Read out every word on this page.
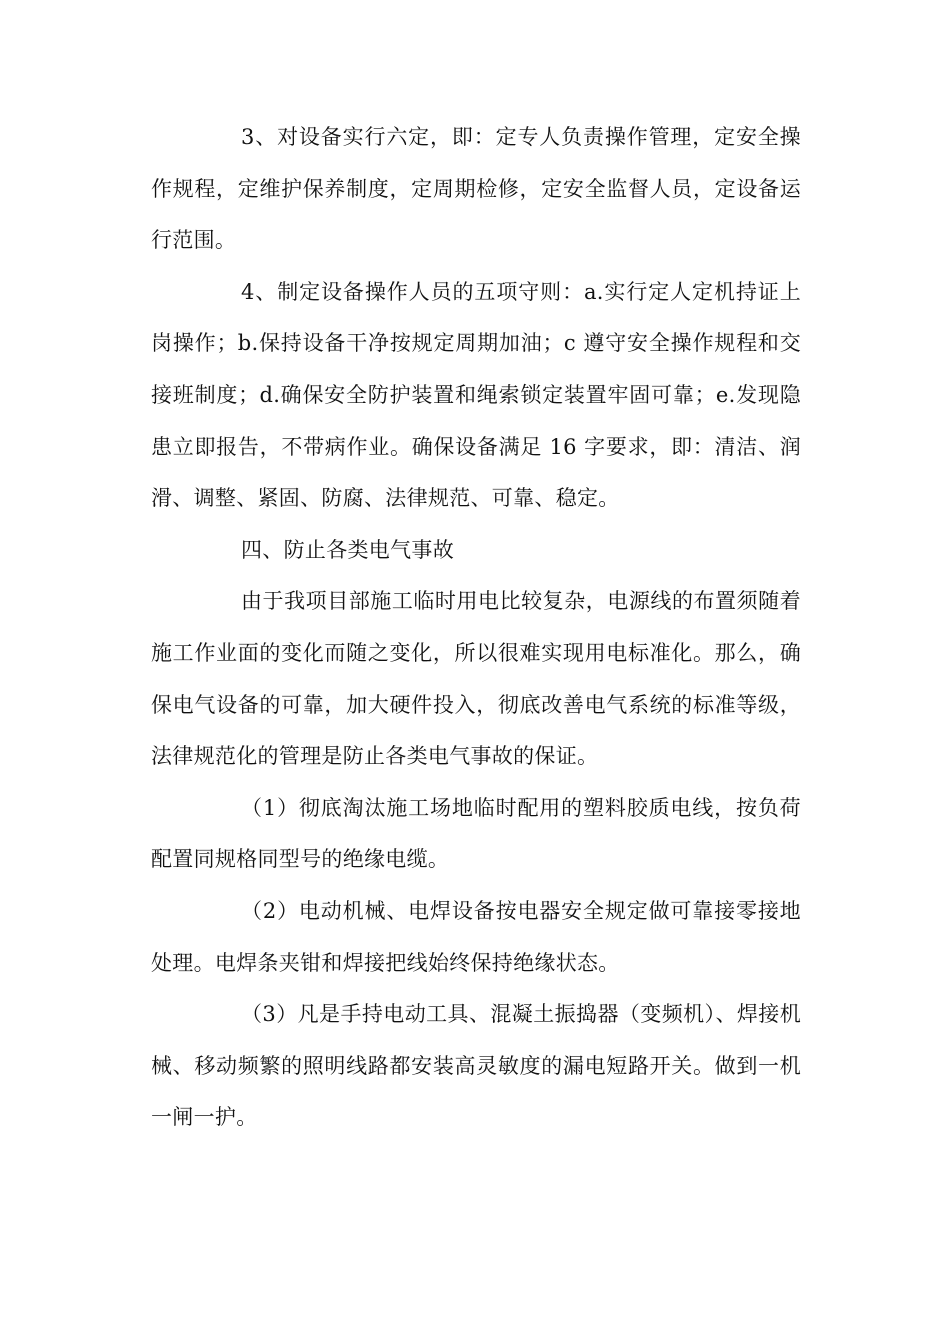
3、对设备实行六定，即：定专人负责操作管理，定安全操作规程，定维护保养制度，定周期检修，定安全监督人员，定设备运行范围。

4、制定设备操作人员的五项守则：a.实行定人定机持证上岗操作；b.保持设备干净按规定周期加油；c 遵守安全操作规程和交接班制度；d.确保安全防护装置和绳索锁定装置牢固可靠；e.发现隐患立即报告，不带病作业。确保设备满足 16 字要求，即：清洁、润滑、调整、紧固、防腐、法律规范、可靠、稳定。

四、防止各类电气事故

由于我项目部施工临时用电比较复杂，电源线的布置须随着施工作业面的变化而随之变化，所以很难实现用电标准化。那么，确保电气设备的可靠，加大硬件投入，彻底改善电气系统的标准等级，法律规范化的管理是防止各类电气事故的保证。

（1）彻底淘汰施工场地临时配用的塑料胶质电线，按负荷配置同规格同型号的绝缘电缆。

（2）电动机械、电焊设备按电器安全规定做可靠接零接地处理。电焊条夹钳和焊接把线始终保持绝缘状态。

（3）凡是手持电动工具、混凝土振捣器（变频机）、焊接机械、移动频繁的照明线路都安装高灵敏度的漏电短路开关。做到一机一闸一护。
